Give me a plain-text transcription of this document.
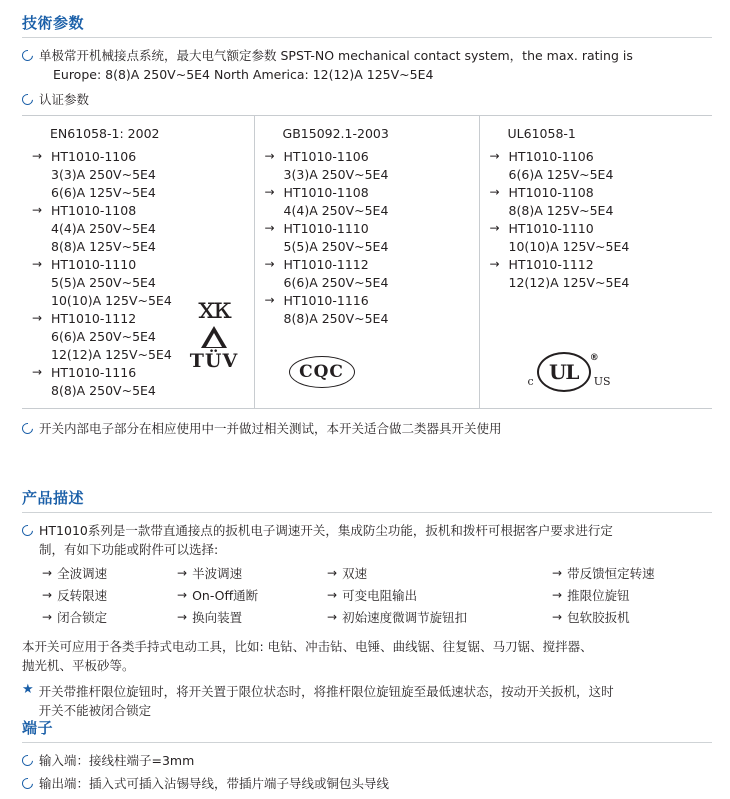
技術参数
单极常开机械接点系统，最大电气额定参数 SPST-NO mechanical contact system，the max. rating is
Europe: 8(8)A 250V~5E4 North America: 12(12)A 125V~5E4
认证参数
EN61058-1: 2002
→ HT1010-1106
3(3)A 250V~5E4
6(6)A 125V~5E4
→ HT1010-1108
4(4)A 250V~5E4
8(8)A 125V~5E4
→ HT1010-1110
5(5)A 250V~5E4
10(10)A 125V~5E4
→ HT1010-1112
6(6)A 250V~5E4
12(12)A 125V~5E4
→ HT1010-1116
8(8)A 250V~5E4
xк
TÜV
GB15092.1-2003
→ HT1010-1106
3(3)A 250V~5E4
→ HT1010-1108
4(4)A 250V~5E4
→ HT1010-1110
5(5)A 250V~5E4
→ HT1010-1112
6(6)A 250V~5E4
→ HT1010-1116
8(8)A 250V~5E4
CQC
UL61058-1
→ HT1010-1106
6(6)A 125V~5E4
→ HT1010-1108
8(8)A 125V~5E4
→ HT1010-1110
10(10)A 125V~5E4
→ HT1010-1112
12(12)A 125V~5E4
c UL
®
US
开关内部电子部分在相应使用中一并做过相关测试，本开关适合做二类器具开关使用
产品描述
HT1010系列是一款带直通接点的扳机电子调速开关，集成防尘功能，扳机和拨杆可根据客户要求进行定
制，有如下功能或附件可以选择:
→ 全波调速	→ 半波调速	→ 双速	→ 带反馈恒定转速
→ 反转限速	→ On-Off通断	→ 可变电阻输出	→ 推限位旋钮
→ 闭合锁定	→ 换向装置	→ 初始速度微调节旋钮扣	→ 包软胶扳机
本开关可应用于各类手持式电动工具，比如: 电钻、冲击钻、电锤、曲线锯、往复锯、马刀锯、搅拌器、
抛光机、平板砂等。
★ 开关带推杆限位旋钮时，将开关置于限位状态时，将推杆限位旋钮旋至最低速状态，按动开关扳机，这时
开关不能被闭合锁定
端子
输入端：接线柱端子=3mm
输出端：插入式可插入沾锡导线，带插片端子导线或铜包头导线
